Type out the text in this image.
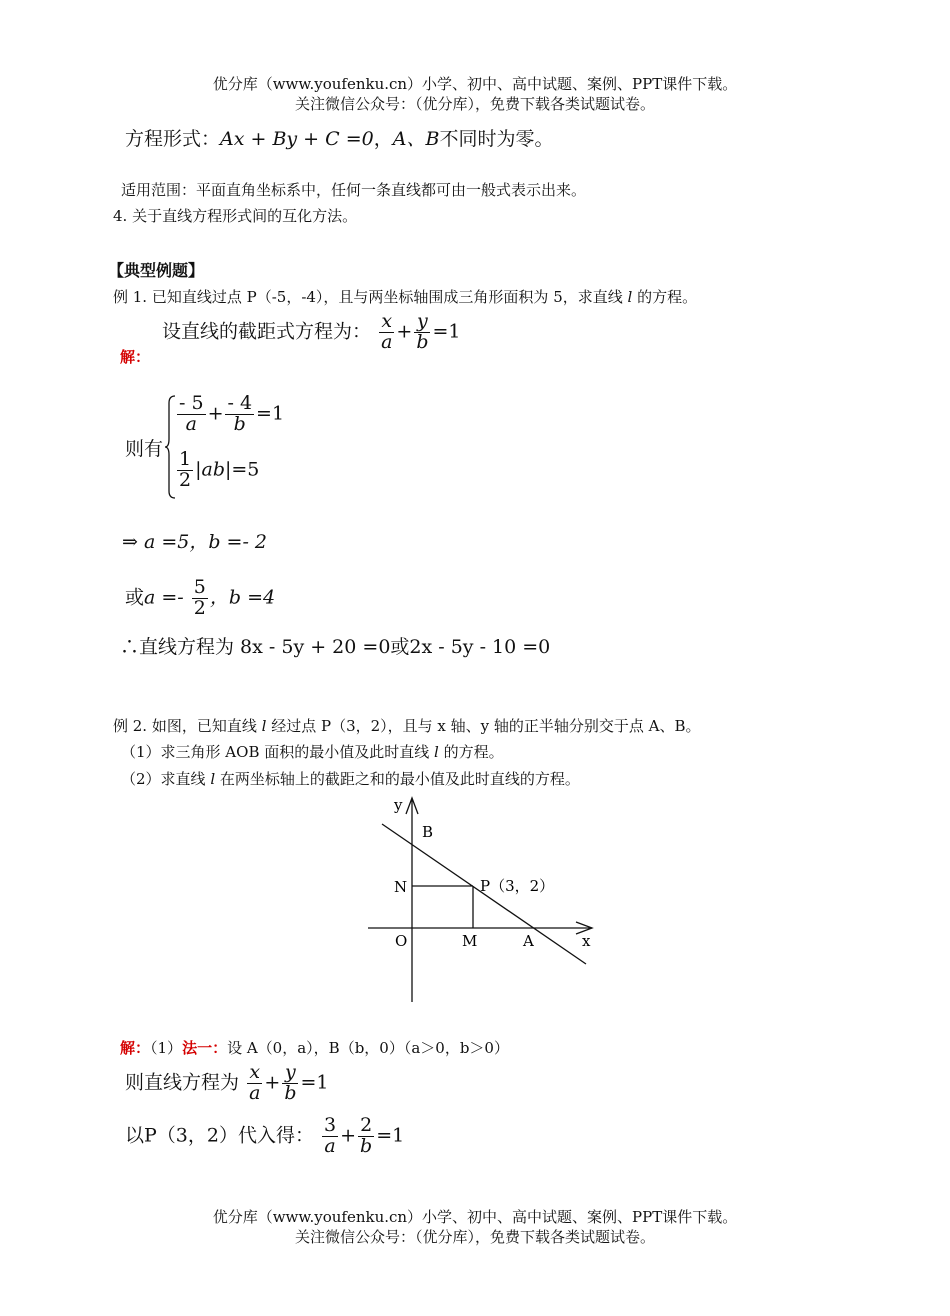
优分库（www.youfenku.cn）小学、初中、高中试题、案例、PPT课件下载。
关注微信公众号：（优分库），免费下载各类试题试卷。
方程形式：Ax + By + C =0，A、B不同时为零。
适用范围：平面直角坐标系中，任何一条直线都可由一般式表示出来。
4. 关于直线方程形式间的互化方法。
【典型例题】
例 1. 已知直线过点 P（-5，-4），且与两坐标轴围成三角形面积为 5，求直线 l 的方程。
设直线的截距式方程为： $\frac{x}{a} + \frac{y}{b} =1$
解：
则有
$\frac{- 5}{a} + \frac{- 4}{b} =1$
$\frac{1}{2} |ab|=5$
⇒ a =5，b =- 2
或$a =- \frac{5}{2}$ ，b =4
∴直线方程为 8x - 5y + 20 =0或2x - 5y - 10 =0
例 2. 如图，已知直线 l 经过点 P（3，2），且与 x 轴、y 轴的正半轴分别交于点 A、B。
（1）求三角形 AOB 面积的最小值及此时直线 l 的方程。
（2）求直线 l 在两坐标轴上的截距之和的最小值及此时直线的方程。
y
B
N	P（3，2）
O	M	A	x
解：（1）法一：设 A（0，a），B（b，0）（a＞0，b＞0）
则直线方程为 $\frac{x}{a} + \frac{y}{b} =1$
以P（3，2）代入得： $\frac{3}{a} + \frac{2}{b} =1$
优分库（www.youfenku.cn）小学、初中、高中试题、案例、PPT课件下载。
关注微信公众号：（优分库），免费下载各类试题试卷。
